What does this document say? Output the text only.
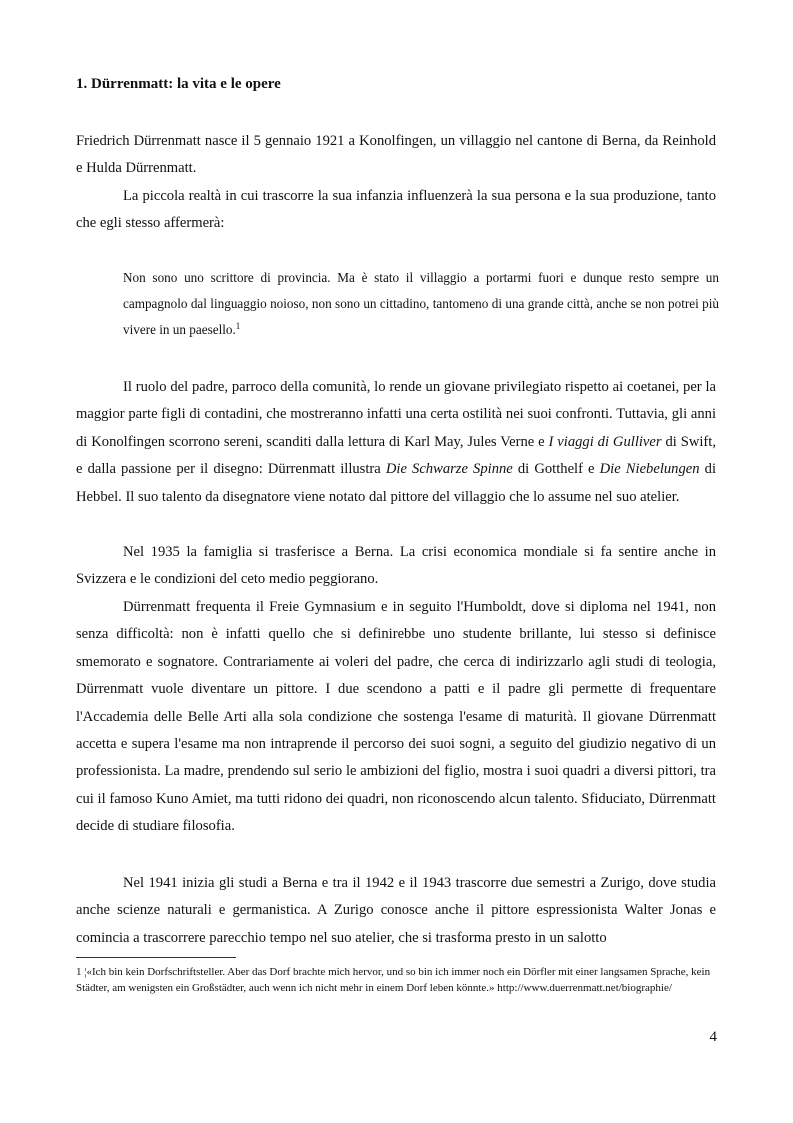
1. Dürrenmatt: la vita e le opere

Friedrich Dürrenmatt nasce il 5 gennaio 1921 a Konolfingen, un villaggio nel cantone di Berna, da Reinhold e Hulda Dürrenmatt.

La piccola realtà in cui trascorre la sua infanzia influenzerà la sua persona e la sua produzione, tanto che egli stesso affermerà:

Non sono uno scrittore di provincia. Ma è stato il villaggio a portarmi fuori e dunque resto sempre un campagnolo dal linguaggio noioso, non sono un cittadino, tantomeno di una grande città, anche se non potrei più vivere in un paesello.$^1$

Il ruolo del padre, parroco della comunità, lo rende un giovane privilegiato rispetto ai coetanei, per la maggior parte figli di contadini, che mostreranno infatti una certa ostilità nei suoi confronti. Tuttavia, gli anni di Konolfingen scorrono sereni, scanditi dalla lettura di Karl May, Jules Verne e I viaggi di Gulliver di Swift, e dalla passione per il disegno: Dürrenmatt illustra Die Schwarze Spinne di Gotthelf e Die Niebelungen di Hebbel. Il suo talento da disegnatore viene notato dal pittore del villaggio che lo assume nel suo atelier.

Nel 1935 la famiglia si trasferisce a Berna. La crisi economica mondiale si fa sentire anche in Svizzera e le condizioni del ceto medio peggiorano.

Dürrenmatt frequenta il Freie Gymnasium e in seguito l'Humboldt, dove si diploma nel 1941, non senza difficoltà: non è infatti quello che si definirebbe uno studente brillante, lui stesso si definisce smemorato e sognatore. Contrariamente ai voleri del padre, che cerca di indirizzarlo agli studi di teologia, Dürrenmatt vuole diventare un pittore. I due scendono a patti e il padre gli permette di frequentare l'Accademia delle Belle Arti alla sola condizione che sostenga l'esame di maturità. Il giovane Dürrenmatt accetta e supera l'esame ma non intraprende il percorso dei suoi sogni, a seguito del giudizio negativo di un professionista. La madre, prendendo sul serio le ambizioni del figlio, mostra i suoi quadri a diversi pittori, tra cui il famoso Kuno Amiet, ma tutti ridono dei quadri, non riconoscendo alcun talento. Sfiduciato, Dürrenmatt decide di studiare filosofia.

Nel 1941 inizia gli studi a Berna e tra il 1942 e il 1943 trascorre due semestri a Zurigo, dove studia anche scienze naturali e germanistica. A Zurigo conosce anche il pittore espressionista Walter Jonas e comincia a trascorrere parecchio tempo nel suo atelier, che si trasforma presto in un salotto

1 ¦«Ich bin kein Dorfschriftsteller. Aber das Dorf brachte mich hervor, und so bin ich immer noch ein Dörfler mit einer langsamen Sprache, kein Städter, am wenigsten ein Großstädter, auch wenn ich nicht mehr in einem Dorf leben könnte.» http://www.duerrenmatt.net/biographie/

4
